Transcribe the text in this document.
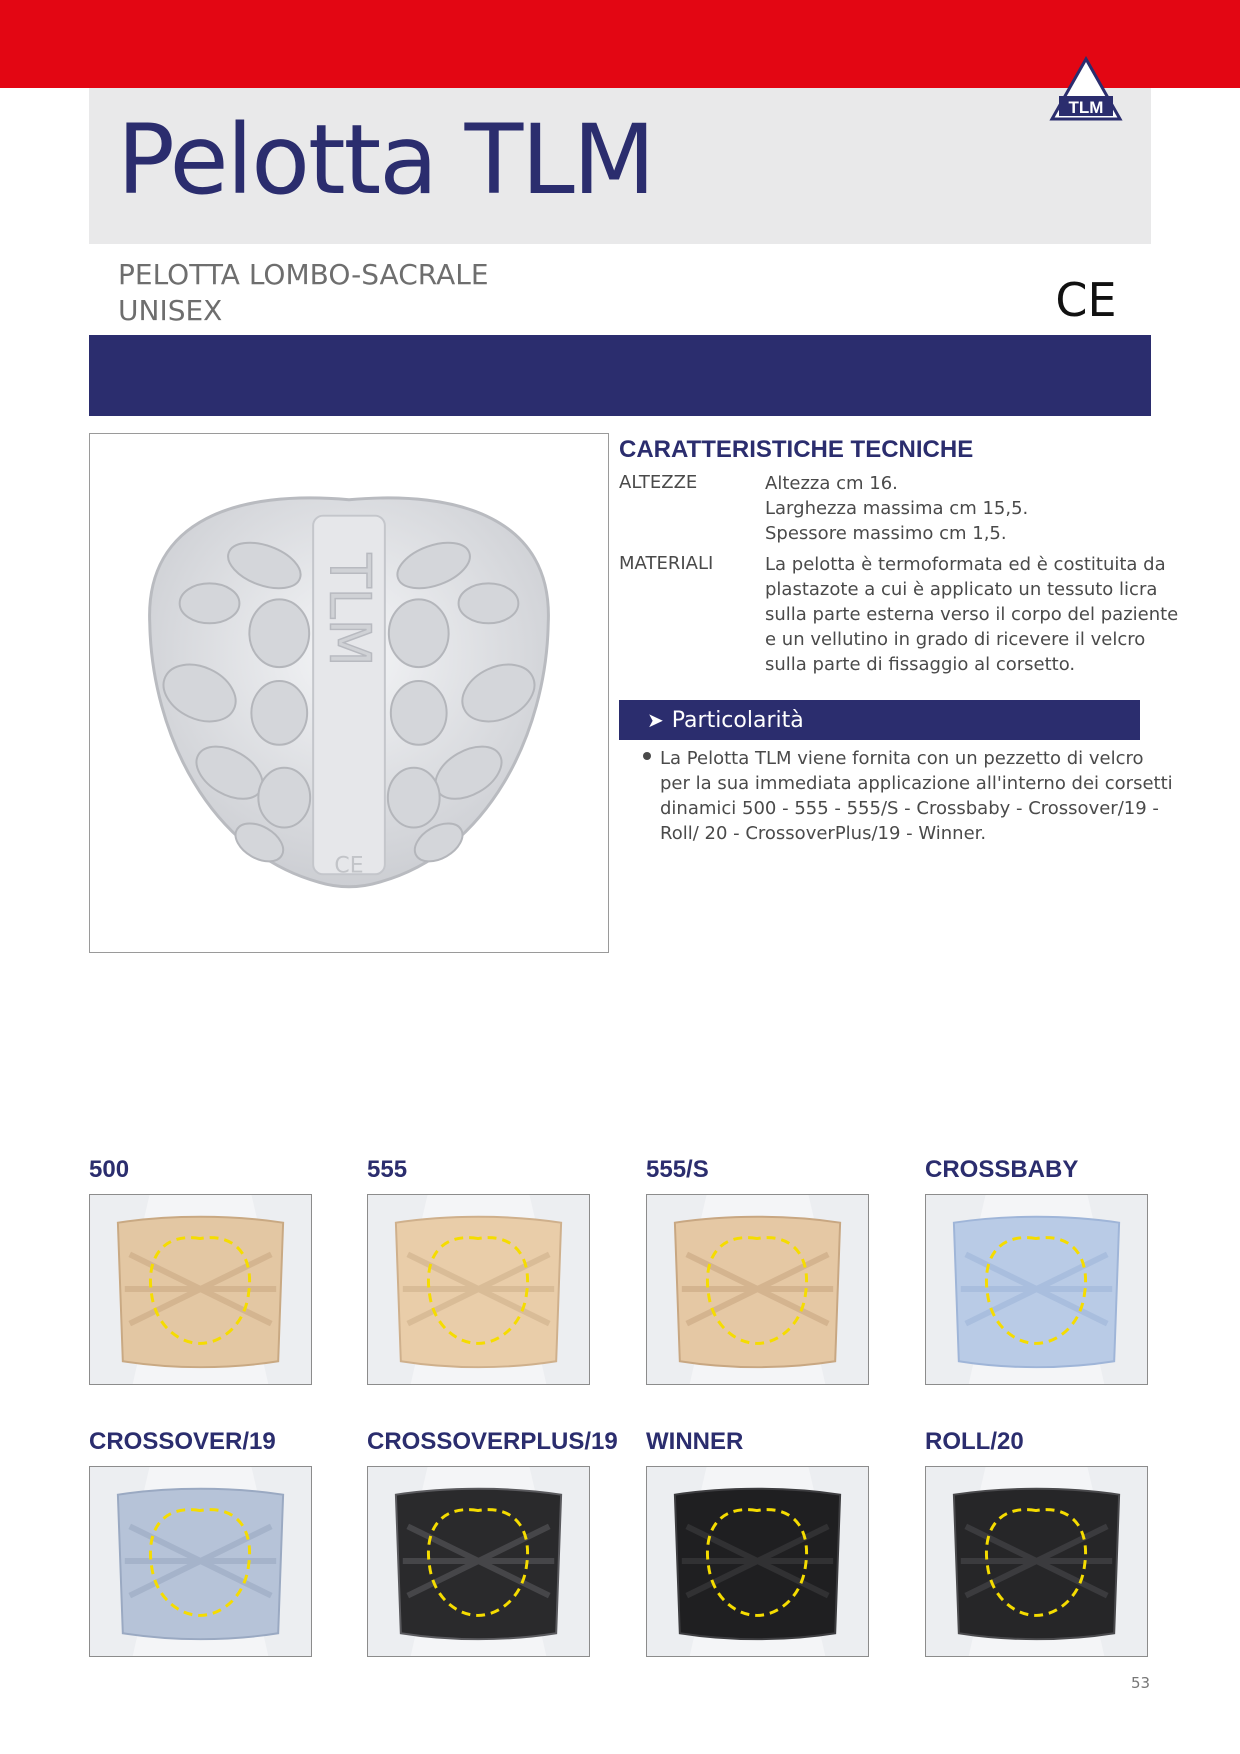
Pelotta TLM	TLM
PELOTTA LOMBO-SACRALE
UNISEX	CE
TLM
CE
CARATTERISTICHE TECNICHE
ALTEZZE	Altezza cm 16.
Larghezza massima cm 15,5.
Spessore massimo cm 1,5.
MATERIALI	La pelotta è termoformata ed è costituita da
plastazote a cui è applicato un tessuto licra
sulla parte esterna verso il corpo del paziente
e un vellutino in grado di ricevere il velcro
sulla parte di fissaggio al corsetto.
➤ Particolarità
La Pelotta TLM viene fornita con un pezzetto di velcro
per la sua immediata applicazione all'interno dei corsetti
dinamici 500 - 555 - 555/S - Crossbaby - Crossover/19 -
Roll/ 20 - CrossoverPlus/19 - Winner.
500	555	555/S	CROSSBABY
CROSSOVER/19	CROSSOVERPLUS/19 WINNER	ROLL/20
53
